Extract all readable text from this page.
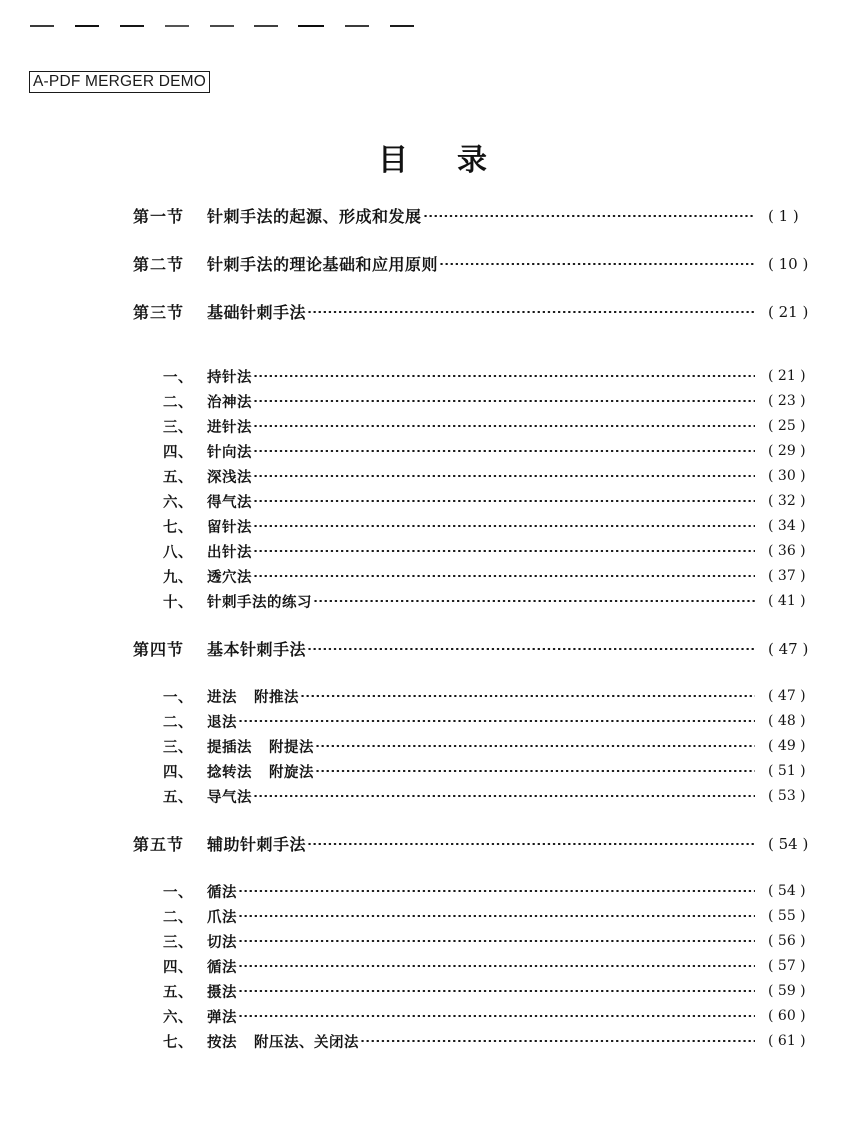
A-PDF MERGER DEMO
目 录
第一节	针刺手法的起源、形成和发展	( 1 )
第二节	针刺手法的理论基础和应用原则	( 10 )
第三节	基础针刺手法	( 21 )
一、 持针法	( 21 )
二、 治神法	( 23 )
三、 进针法	( 25 )
四、 针向法	( 29 )
五、 深浅法	( 30 )
六、 得气法	( 32 )
七、 留针法	( 34 )
八、 出针法	( 36 )
九、 透穴法	( 37 )
十、 针刺手法的练习	( 41 )
第四节	基本针刺手法	( 47 )
一、 进法 附推法	( 47 )
二、 退法	( 48 )
三、 提插法 附提法	( 49 )
四、 捻转法 附旋法	( 51 )
五、 导气法	( 53 )
第五节	辅助针刺手法	( 54 )
一、 循法	( 54 )
二、 爪法	( 55 )
三、 切法	( 56 )
四、 循法	( 57 )
五、 摄法	( 59 )
六、 弹法	( 60 )
七、 按法 附压法、关闭法	( 61 )
